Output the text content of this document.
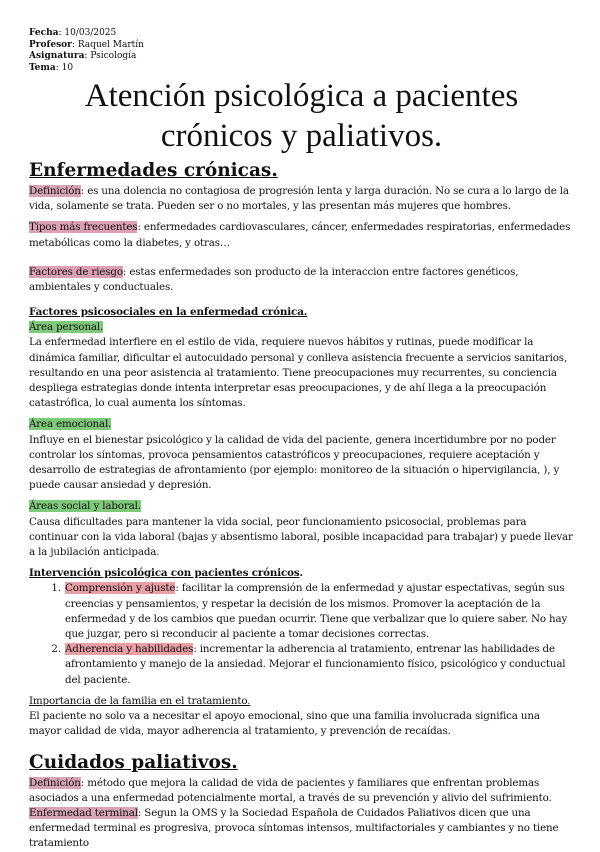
Fecha: 10/03/2025
Profesor: Raquel Martín
Asignatura: Psicología
Tema: 10
Atención psicológica a pacientes crónicos y paliativos.
Enfermedades crónicas.

Definición: es una dolencia no contagiosa de progresión lenta y larga duración. No se cura a lo largo de la vida, solamente se trata. Pueden ser o no mortales, y las presentan más mujeres que hombres.

Tipos más frecuentes: enfermedades cardiovasculares, cáncer, enfermedades respiratorias, enfermedades metabólicas como la diabetes, y otras…

Factores de riesgo: estas enfermedades son producto de la interaccion entre factores genéticos, ambientales y conductuales.

Factores psicosociales en la enfermedad crónica.

Área personal.

La enfermedad interfiere en el estilo de vida, requiere nuevos hábitos y rutinas, puede modificar la dinámica familiar, dificultar el autocuidado personal y conlleva asistencia frecuente a servicios sanitarios, resultando en una peor asistencia al tratamiento. Tiene preocupaciones muy recurrentes, su conciencia despliega estrategias donde intenta interpretar esas preocupaciones, y de ahí llega a la preocupación catastrófica, lo cual aumenta los síntomas.

Área emocional.

Influye en el bienestar psicológico y la calidad de vida del paciente, genera incertidumbre por no poder controlar los síntomas, provoca pensamientos catastróficos y preocupaciones, requiere aceptación y desarrollo de estrategias de afrontamiento (por ejemplo: monitoreo de la situación o hipervigilancia, ), y puede causar ansiedad y depresión.

Áreas social y laboral.

Causa dificultades para mantener la vida social, peor funcionamiento psicosocial, problemas para continuar con la vida laboral (bajas y absentismo laboral, posible incapacidad para trabajar) y puede llevar a la jubilación anticipada.

Intervención psicológica con pacientes crónicos.

1. Comprensión y ajuste: facilitar la comprensión de la enfermedad y ajustar espectativas, según sus creencias y pensamientos, y respetar la decisión de los mismos. Promover la aceptación de la enfermedad y de los cambios que puedan ocurrir. Tiene que verbalizar que lo quiere saber. No hay que juzgar, pero si reconducir al paciente a tomar decisiones correctas.
2. Adherencia y habilidades: incrementar la adherencia al tratamiento, entrenar las habilidades de afrontamiento y manejo de la ansiedad. Mejorar el funcionamiento físico, psicológico y conductual del paciente.

Importancia de la familia en el tratamiento.

El paciente no solo va a necesitar el apoyo emocional, sino que una familia involucrada significa una mayor calidad de vida, mayor adherencia al tratamiento, y prevención de recaídas.

Cuidados paliativos.

Definición: método que mejora la calidad de vida de pacientes y familiares que enfrentan problemas asociados a una enfermedad potencialmente mortal, a través de su prevención y alivio del sufrimiento.

Enfermedad terminal: Segun la OMS y la Sociedad Española de Cuidados Paliativos dicen que una enfermedad terminal es progresiva, provoca síntomas intensos, multifactoriales y cambiantes y no tiene tratamiento
